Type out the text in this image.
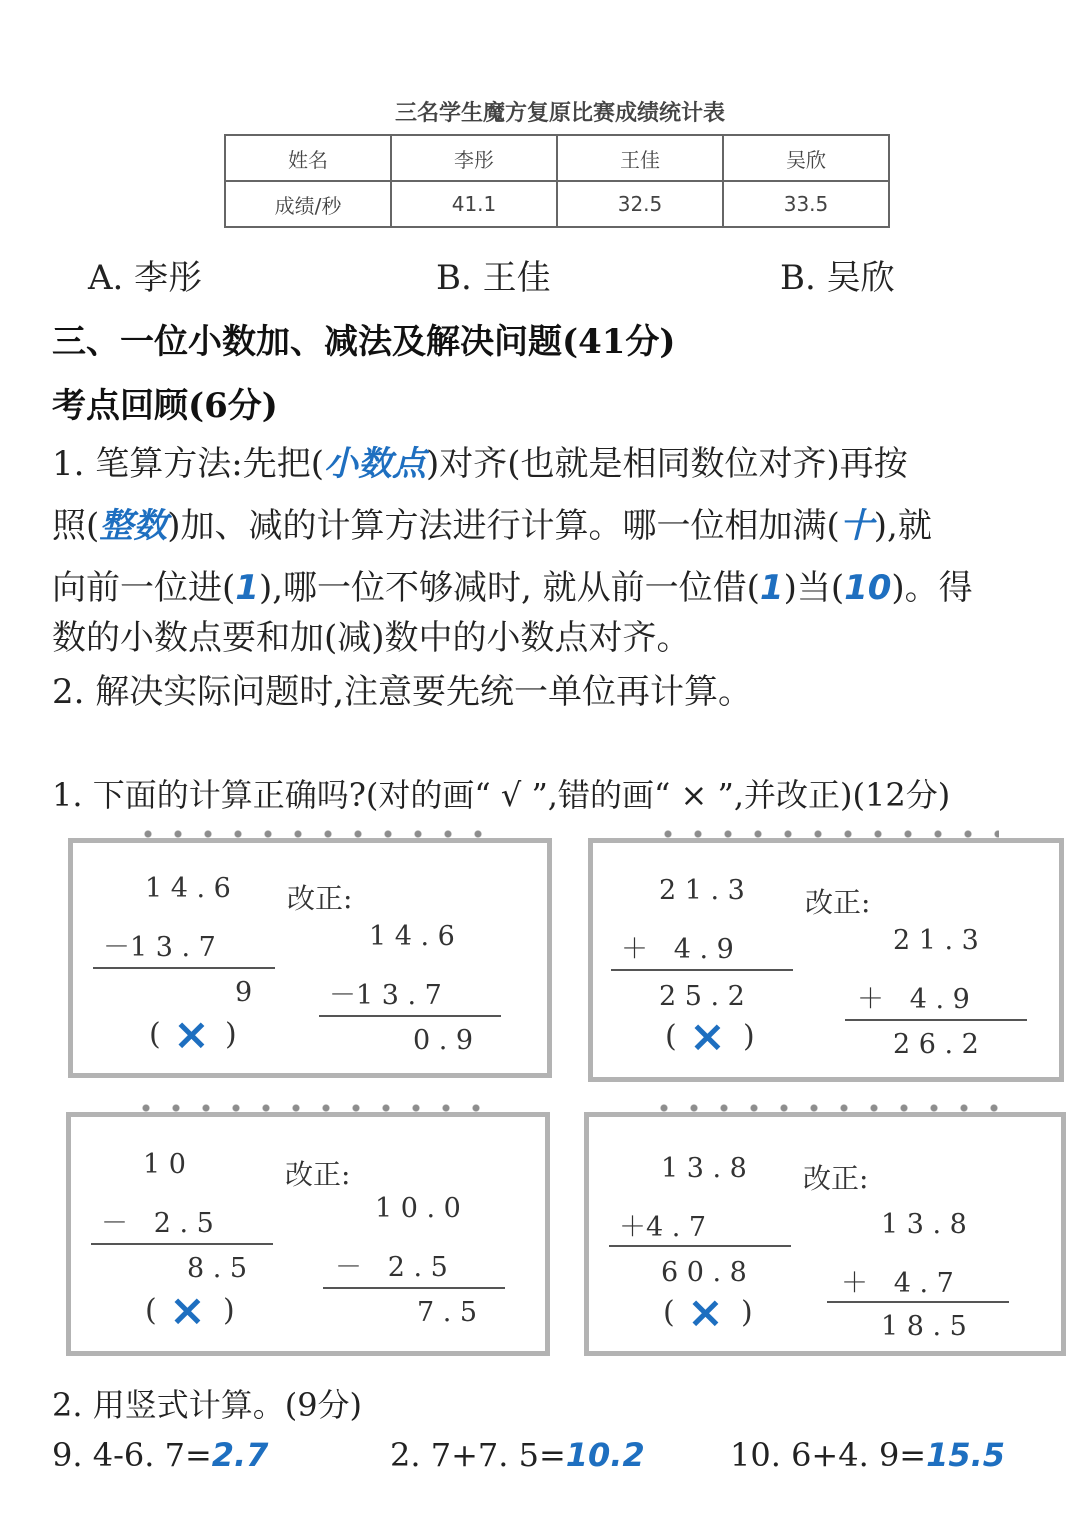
三名学生魔方复原比赛成绩统计表
姓名	李彤	王佳	吴欣
成绩/秒	41.1	32.5	33.5
A. 李彤	B. 王佳	B. 吴欣
三、一位小数加、减法及解决问题(41分)
考点回顾(6分)
1. 笔算方法:先把(小数点)对齐(也就是相同数位对齐)再按
照(整数)加、减的计算方法进行计算。哪一位相加满(十),就
向前一位进(1),哪一位不够减时, 就从前一位借(1)当(10)。得
数的小数点要和加(减)数中的小数点对齐。
2. 解决实际问题时,注意要先统一单位再计算。
1. 下面的计算正确吗?(对的画“ √ ”,错的画“ × ”,并改正)(12分)
1 4 . 6
－1 3 . 7
9
( × )
改正:
1 4 . 6
－1 3 . 7
0 . 9
2 1 . 3
＋   4 . 9
2 5 . 2
( × )
改正:
2 1 . 3
＋   4 . 9
2 6 . 2
1 0
－   2 . 5
8 . 5
( × )
改正:
1 0 . 0
－   2 . 5
7 . 5
1 3 . 8
＋4 . 7
6 0 . 8
( × )
改正:
1 3 . 8
＋   4 . 7
1 8 . 5
2. 用竖式计算。(9分)
9. 4-6. 7=2.7	2. 7+7. 5=10.2	10. 6+4. 9=15.5
